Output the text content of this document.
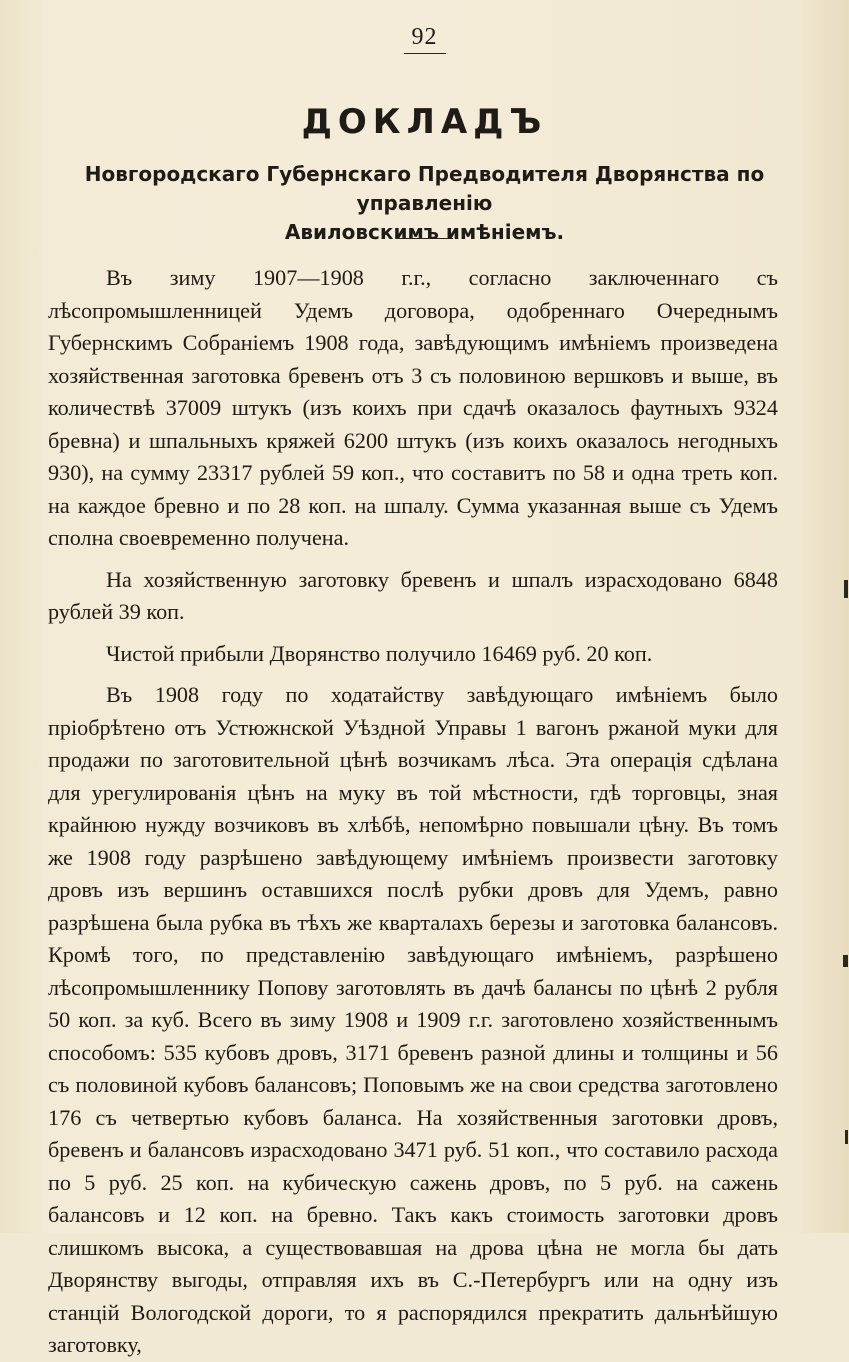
92
ДОКЛАДЪ
Новгородскаго Губернскаго Предводителя Дворянства по управленію
Авиловскимъ имѣніемъ.

Въ зиму 1907—1908 г.г., согласно заключеннаго съ лѣсопромышленницей Удемъ договора, одобреннаго Очереднымъ Губернскимъ Собраніемъ 1908 года, завѣдующимъ имѣніемъ произведена хозяйственная заготовка бревенъ отъ 3 съ половиною вершковъ и выше, въ количествѣ 37009 штукъ (изъ коихъ при сдачѣ оказалось фаутныхъ 9324 бревна) и шпальныхъ кряжей 6200 штукъ (изъ коихъ оказалось негодныхъ 930), на сумму 23317 рублей 59 коп., что составитъ по 58 и одна треть коп. на каждое бревно и по 28 коп. на шпалу. Сумма указанная выше съ Удемъ сполна своевременно получена.

На хозяйственную заготовку бревенъ и шпалъ израсходовано 6848 рублей 39 коп.

Чистой прибыли Дворянство получило 16469 руб. 20 коп.

Въ 1908 году по ходатайству завѣдующаго имѣніемъ было пріобрѣтено отъ Устюжнской Уѣздной Управы 1 вагонъ ржаной муки для продажи по заготовительной цѣнѣ возчикамъ лѣса. Эта операція сдѣлана для урегулированія цѣнъ на муку въ той мѣстности, гдѣ торговцы, зная крайнюю нужду возчиковъ въ хлѣбѣ, непомѣрно повышали цѣну. Въ томъ же 1908 году разрѣшено завѣдующему имѣніемъ произвести заготовку дровъ изъ вершинъ оставшихся послѣ рубки дровъ для Удемъ, равно разрѣшена была рубка въ тѣхъ же кварталахъ березы и заготовка балансовъ. Кромѣ того, по представленію завѣдующаго имѣніемъ, разрѣшено лѣсопромышленнику Попову заготовлять въ дачѣ балансы по цѣнѣ 2 рубля 50 коп. за куб. Всего въ зиму 1908 и 1909 г.г. заготовлено хозяйственнымъ способомъ: 535 кубовъ дровъ, 3171 бревенъ разной длины и толщины и 56 съ половиной кубовъ балансовъ; Поповымъ же на свои средства заготовлено 176 съ четвертью кубовъ баланса. На хозяйственныя заготовки дровъ, бревенъ и балансовъ израсходовано 3471 руб. 51 коп., что составило расхода по 5 руб. 25 коп. на кубическую сажень дровъ, по 5 руб. на сажень балансовъ и 12 коп. на бревно. Такъ какъ стоимость заготовки дровъ слишкомъ высока, а существовавшая на дрова цѣна не могла бы дать Дворянству выгоды, отправляя ихъ въ С.-Петербургъ или на одну изъ станцій Вологодской дороги, то я распорядился прекратить дальнѣйшую заготовку,
